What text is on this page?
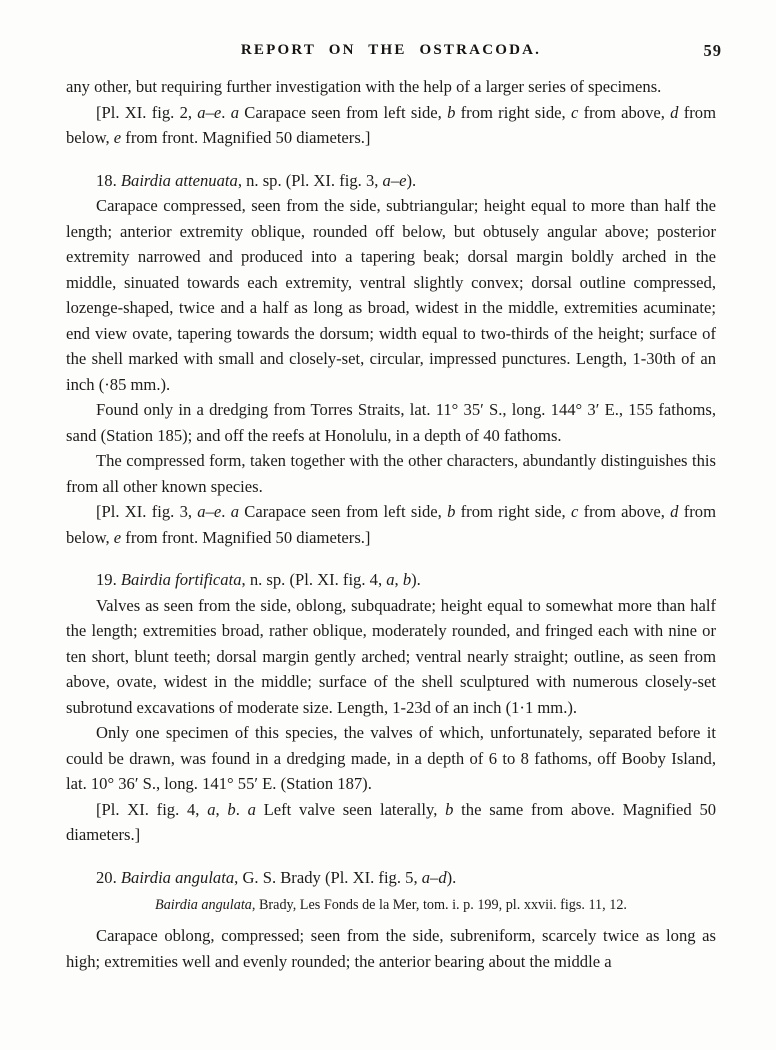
REPORT ON THE OSTRACODA.	59

any other, but requiring further investigation with the help of a larger series of specimens.

[Pl. XI. fig. 2, a–e. a Carapace seen from left side, b from right side, c from above, d from below, e from front. Magnified 50 diameters.]

18. Bairdia attenuata, n. sp. (Pl. XI. fig. 3, a–e).

Carapace compressed, seen from the side, subtriangular; height equal to more than half the length; anterior extremity oblique, rounded off below, but obtusely angular above; posterior extremity narrowed and produced into a tapering beak; dorsal margin boldly arched in the middle, sinuated towards each extremity, ventral slightly convex; dorsal outline compressed, lozenge-shaped, twice and a half as long as broad, widest in the middle, extremities acuminate; end view ovate, tapering towards the dorsum; width equal to two-thirds of the height; surface of the shell marked with small and closely-set, circular, impressed punctures. Length, 1-30th of an inch (·85 mm.).

Found only in a dredging from Torres Straits, lat. 11° 35′ S., long. 144° 3′ E., 155 fathoms, sand (Station 185); and off the reefs at Honolulu, in a depth of 40 fathoms.

The compressed form, taken together with the other characters, abundantly distinguishes this from all other known species.

[Pl. XI. fig. 3, a–e. a Carapace seen from left side, b from right side, c from above, d from below, e from front. Magnified 50 diameters.]

19. Bairdia fortificata, n. sp. (Pl. XI. fig. 4, a, b).

Valves as seen from the side, oblong, subquadrate; height equal to somewhat more than half the length; extremities broad, rather oblique, moderately rounded, and fringed each with nine or ten short, blunt teeth; dorsal margin gently arched; ventral nearly straight; outline, as seen from above, ovate, widest in the middle; surface of the shell sculptured with numerous closely-set subrotund excavations of moderate size. Length, 1-23d of an inch (1·1 mm.).

Only one specimen of this species, the valves of which, unfortunately, separated before it could be drawn, was found in a dredging made, in a depth of 6 to 8 fathoms, off Booby Island, lat. 10° 36′ S., long. 141° 55′ E. (Station 187).

[Pl. XI. fig. 4, a, b. a Left valve seen laterally, b the same from above. Magnified 50 diameters.]

20. Bairdia angulata, G. S. Brady (Pl. XI. fig. 5, a–d).

Bairdia angulata, Brady, Les Fonds de la Mer, tom. i. p. 199, pl. xxvii. figs. 11, 12.

Carapace oblong, compressed; seen from the side, subreniform, scarcely twice as long as high; extremities well and evenly rounded; the anterior bearing about the middle a
